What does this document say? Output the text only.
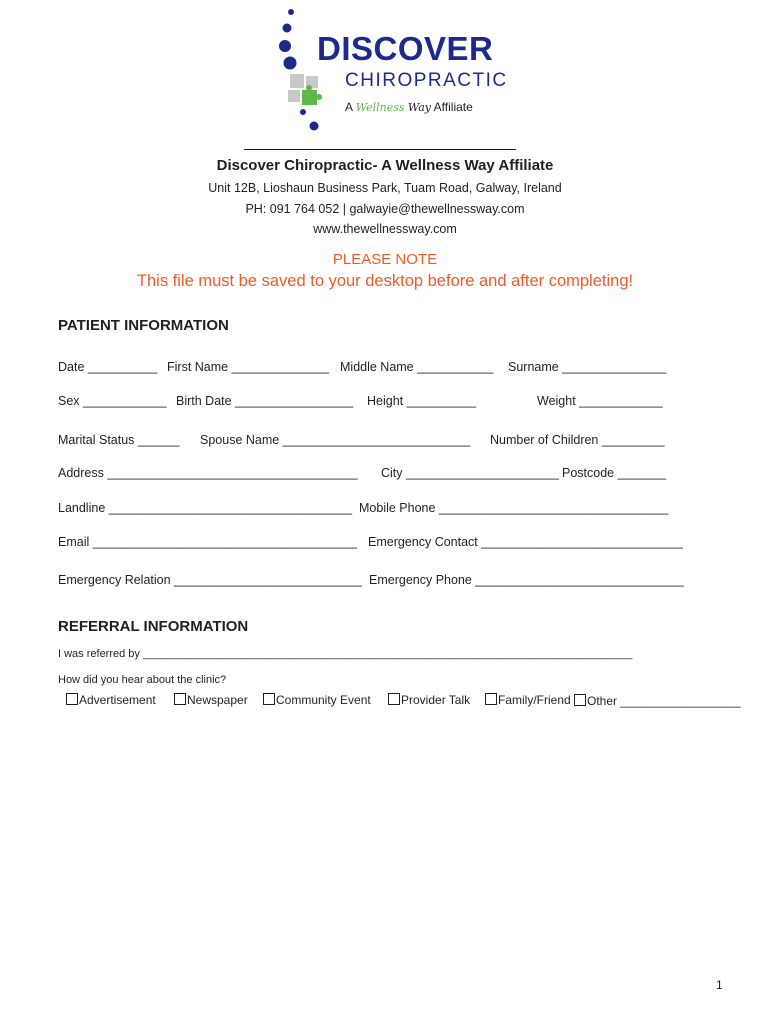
DISCOVER
CHIROPRACTIC
A Wellness Way Affiliate
Discover Chiropractic- A Wellness Way Affiliate
Unit 12B, Lioshaun Business Park, Tuam Road, Galway, Ireland
PH: 091 764 052 | galwayie@thewellnessway.com
www.thewellnessway.com
PLEASE NOTE
This file must be saved to your desktop before and after completing!
PATIENT INFORMATION
Date __________ First Name ______________ Middle Name ___________ Surname _______________
Sex ____________ Birth Date _________________ Height __________	Weight ____________
Marital Status ______ Spouse Name ___________________________ Number of Children _________
Address ____________________________________ City ______________________ Postcode _______
Landline ___________________________________ Mobile Phone _________________________________
Email ______________________________________ Emergency Contact _____________________________
Emergency Relation ___________________________ Emergency Phone ______________________________
REFERRAL INFORMATION
I was referred by ________________________________________________________________________________
How did you hear about the clinic?
Advertisement	Newspaper	Community Event	Provider Talk	Family/Friend	Other __________________
1
